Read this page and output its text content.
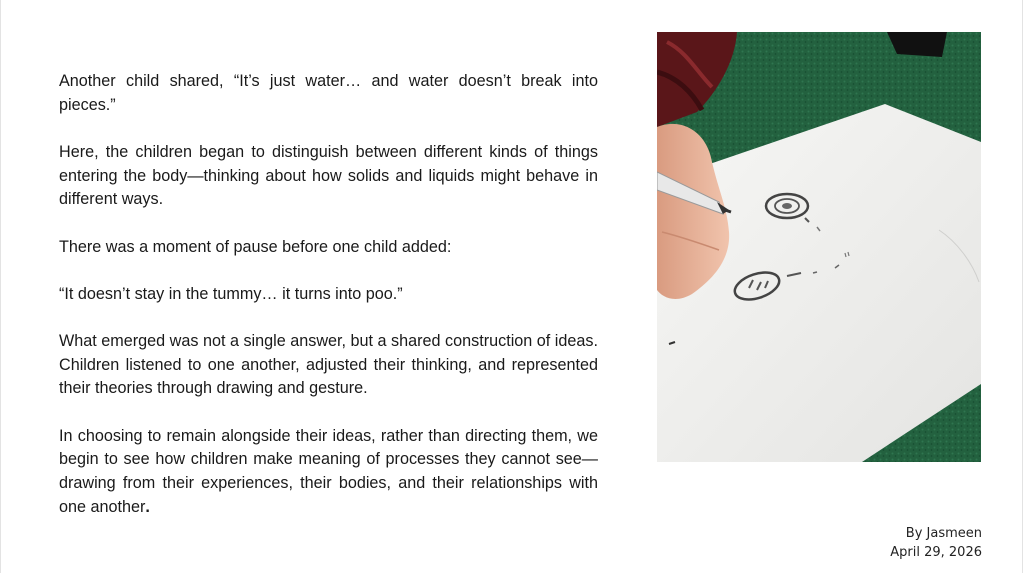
Another child shared, “It’s just water… and water doesn’t break into pieces.”

Here, the children began to distinguish between different kinds of things entering the body—thinking about how solids and liquids might behave in different ways.

There was a moment of pause before one child added:

“It doesn’t stay in the tummy… it turns into poo.”

What emerged was not a single answer, but a shared construction of ideas. Children listened to one another, adjusted their thinking, and represented their theories through drawing and gesture.

In choosing to remain alongside their ideas, rather than directing them, we begin to see how children make meaning of processes they cannot see—drawing from their experiences, their bodies, and their relationships with one another.

By Jasmeen
April 29, 2026
